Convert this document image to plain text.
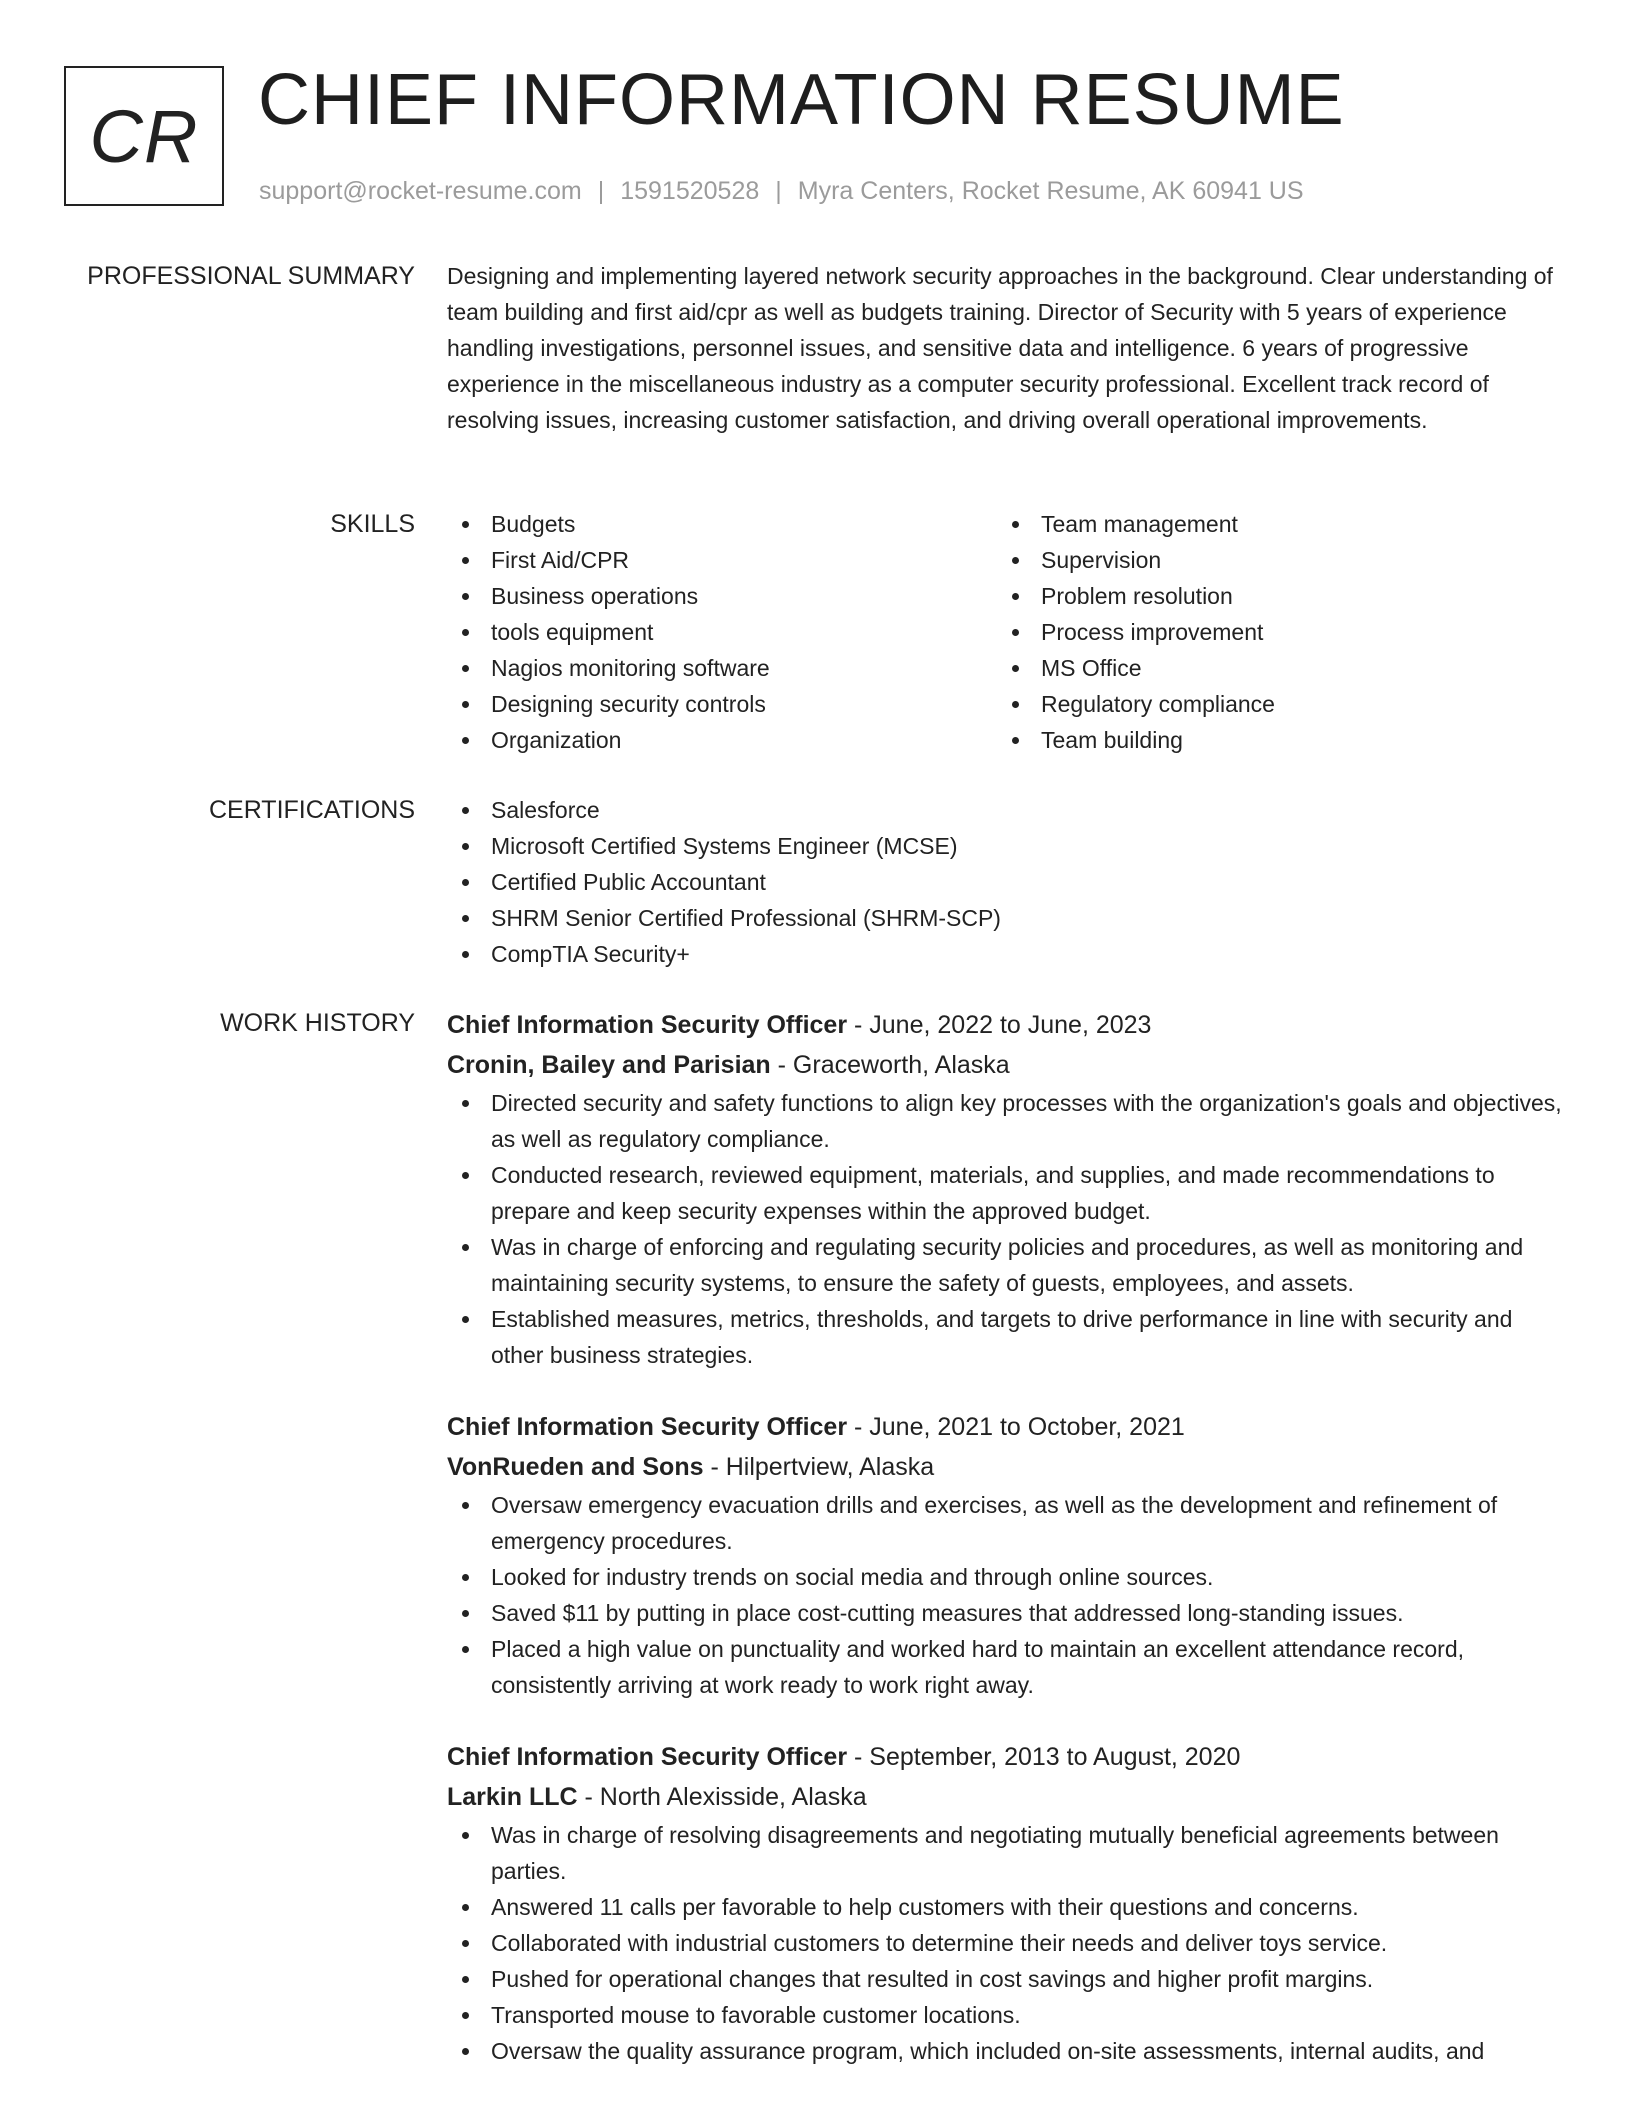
CR CHIEF INFORMATION RESUME
support@rocket-resume.com | 1591520528 | Myra Centers, Rocket Resume, AK 60941 US
PROFESSIONAL SUMMARY Designing and implementing layered network security approaches in the background. Clear understanding of team building and first aid/cpr as well as budgets training. Director of Security with 5 years of experience handling investigations, personnel issues, and sensitive data and intelligence. 6 years of progressive experience in the miscellaneous industry as a computer security professional. Excellent track record of resolving issues, increasing customer satisfaction, and driving overall operational improvements.

SKILLS	Budgets
First Aid/CPR
Business operations
tools equipment
Nagios monitoring software
Designing security controls
Organization
Team management
Supervision
Problem resolution
Process improvement
MS Office
Regulatory compliance
Team building
CERTIFICATIONS	Salesforce
Microsoft Certified Systems Engineer (MCSE)
Certified Public Accountant
SHRM Senior Certified Professional (SHRM-SCP)
CompTIA Security+
WORK HISTORY Chief Information Security Officer - June, 2022 to June, 2023
Cronin, Bailey and Parisian - Graceworth, Alaska
Directed security and safety functions to align key processes with the organization's goals and objectives, as well as regulatory compliance.
Conducted research, reviewed equipment, materials, and supplies, and made recommendations to prepare and keep security expenses within the approved budget.
Was in charge of enforcing and regulating security policies and procedures, as well as monitoring and maintaining security systems, to ensure the safety of guests, employees, and assets.
Established measures, metrics, thresholds, and targets to drive performance in line with security and other business strategies.
Chief Information Security Officer - June, 2021 to October, 2021
VonRueden and Sons - Hilpertview, Alaska
Oversaw emergency evacuation drills and exercises, as well as the development and refinement of emergency procedures.
Looked for industry trends on social media and through online sources.
Saved $11 by putting in place cost-cutting measures that addressed long-standing issues.
Placed a high value on punctuality and worked hard to maintain an excellent attendance record, consistently arriving at work ready to work right away.
Chief Information Security Officer - September, 2013 to August, 2020
Larkin LLC - North Alexisside, Alaska
Was in charge of resolving disagreements and negotiating mutually beneficial agreements between parties.
Answered 11 calls per favorable to help customers with their questions and concerns.
Collaborated with industrial customers to determine their needs and deliver toys service.
Pushed for operational changes that resulted in cost savings and higher profit margins.
Transported mouse to favorable customer locations.
Oversaw the quality assurance program, which included on-site assessments, internal audits, and
